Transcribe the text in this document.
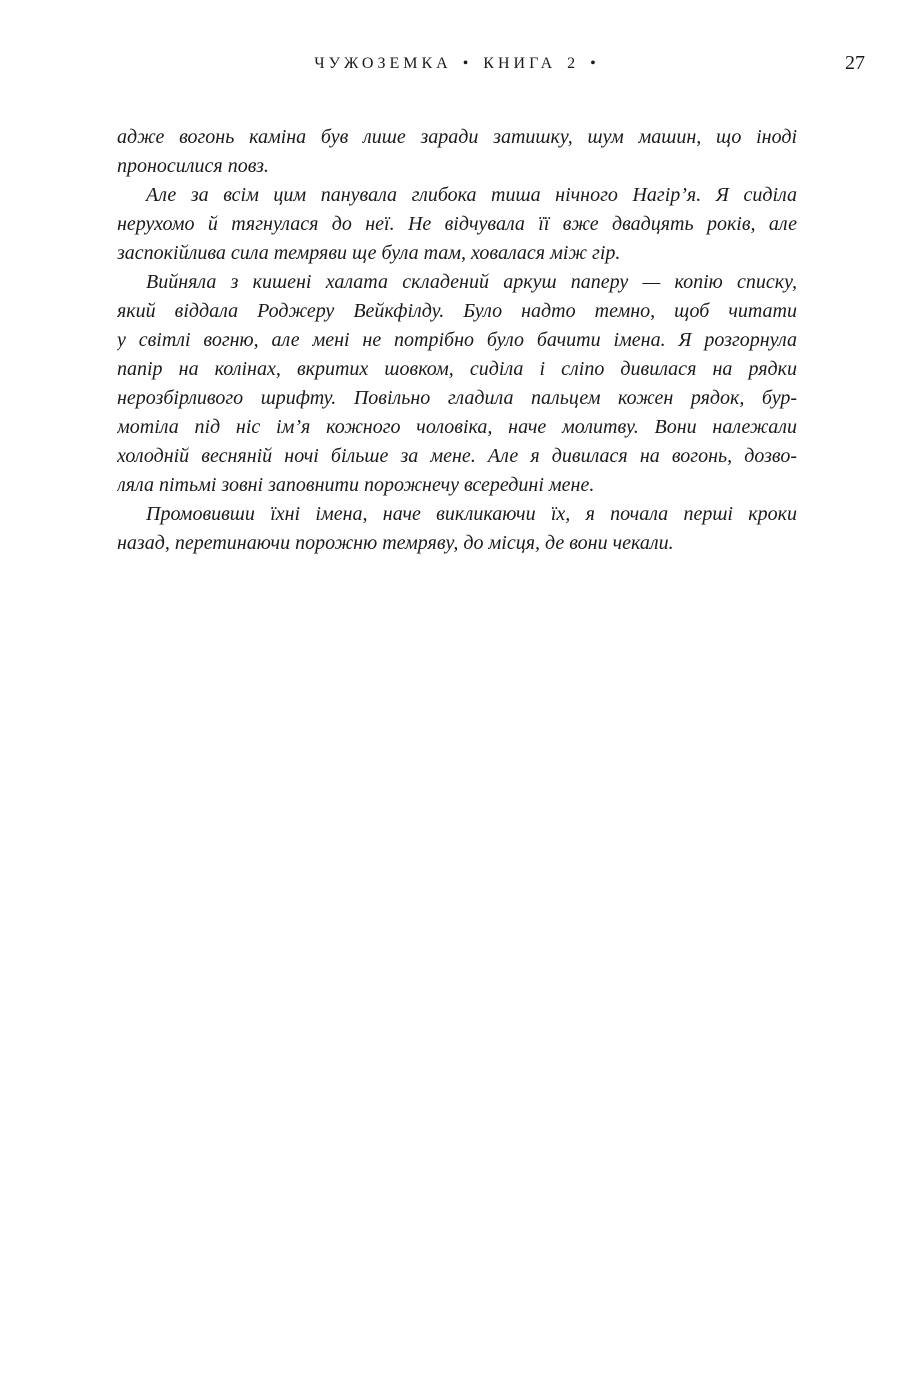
ЧУЖОЗЕМКА • КНИГА 2 •	27
адже вогонь каміна був лише заради затишку, шум машин, що іноді
проносилися повз.
Але за всім цим панувала глибока тиша нічного Нагір’я. Я сиділа
нерухомо й тягнулася до неї. Не відчувала її вже двадцять років, але
заспокійлива сила темряви ще була там, ховалася між гір.
Вийняла з кишені халата складений аркуш паперу — копію списку,
який віддала Роджеру Вейкфілду. Було надто темно, щоб читати
у світлі вогню, але мені не потрібно було бачити імена. Я розгорнула
папір на колінах, вкритих шовком, сиділа і сліпо дивилася на рядки
нерозбірливого шрифту. Повільно гладила пальцем кожен рядок, бур-
мотіла під ніс ім’я кожного чоловіка, наче молитву. Вони належали
холодній весняній ночі більше за мене. Але я дивилася на вогонь, дозво-
ляла пітьмі зовні заповнити порожнечу всередині мене.
Промовивши їхні імена, наче викликаючи їх, я почала перші кроки
назад, перетинаючи порожню темряву, до місця, де вони чекали.
